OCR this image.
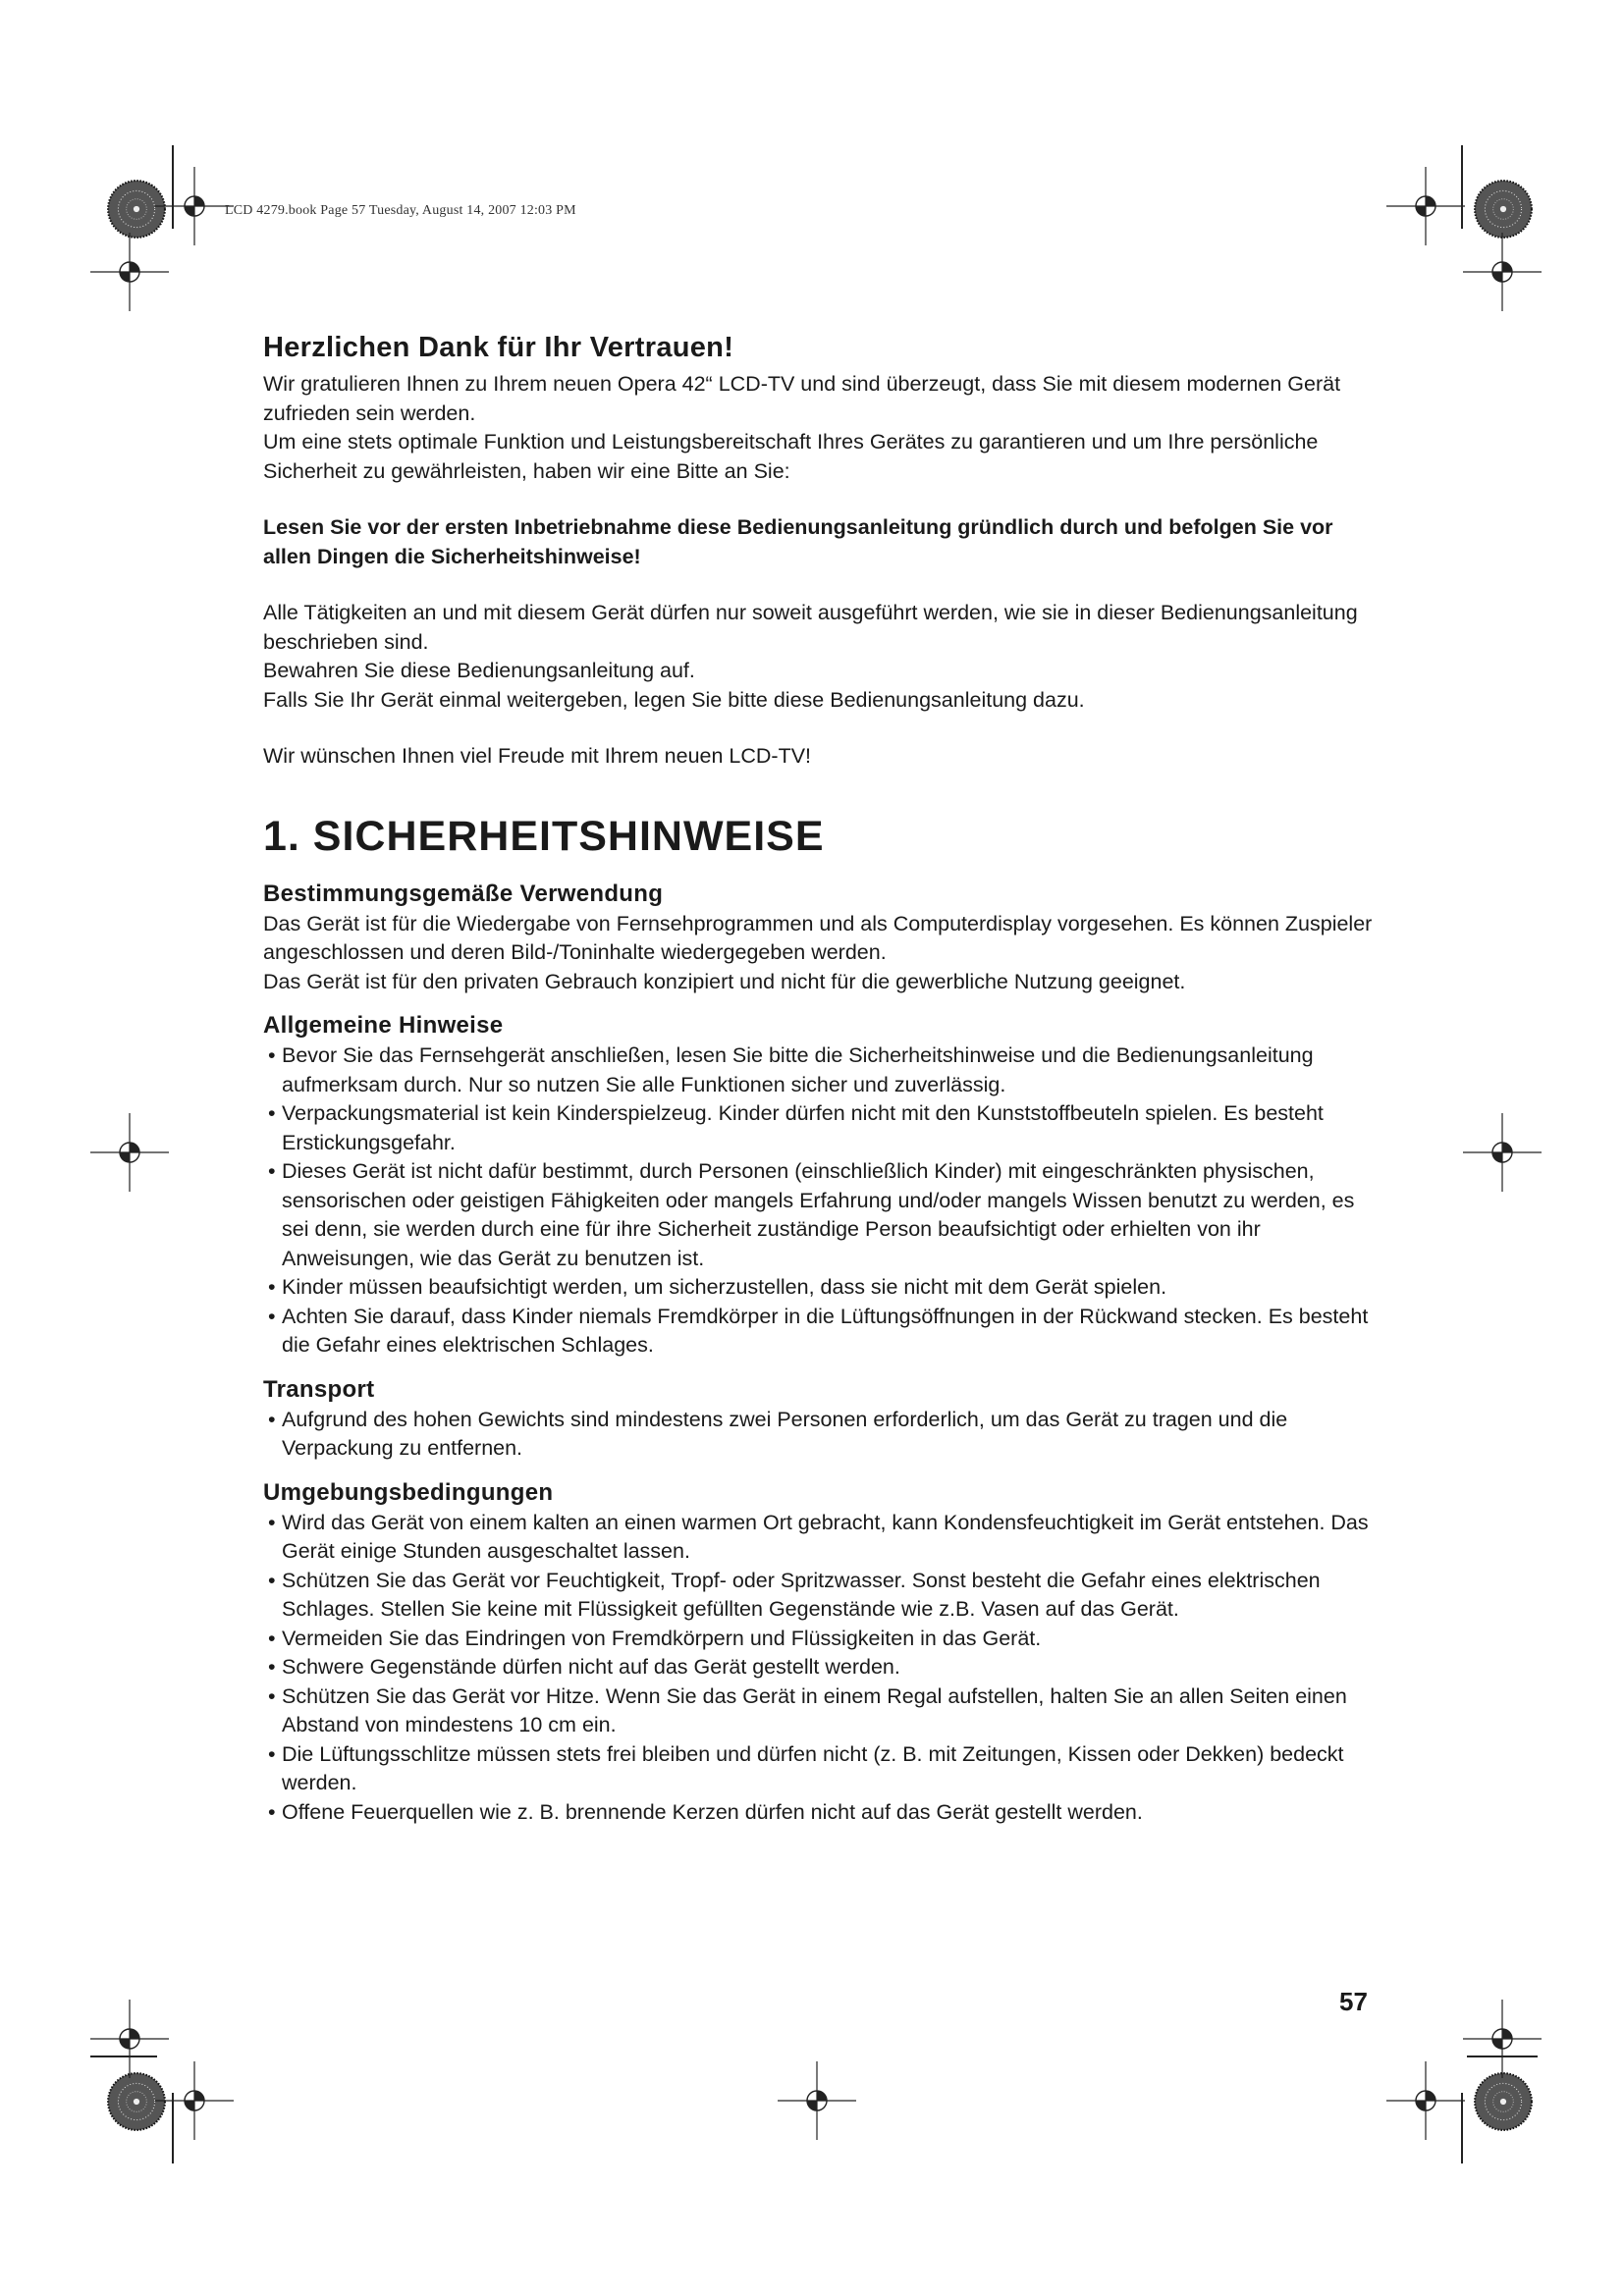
LCD 4279.book Page 57 Tuesday, August 14, 2007 12:03 PM
Herzlichen Dank für Ihr Vertrauen!

Wir gratulieren Ihnen zu Ihrem neuen Opera 42“ LCD-TV und sind überzeugt, dass Sie mit diesem modernen Gerät zufrieden sein werden.

Um eine stets optimale Funktion und Leistungsbereitschaft Ihres Gerätes zu garantieren und um Ihre persönliche Sicherheit zu gewährleisten, haben wir eine Bitte an Sie:

Lesen Sie vor der ersten Inbetriebnahme diese Bedienungsanleitung gründlich durch und befolgen Sie vor allen Dingen die Sicherheitshinweise!

Alle Tätigkeiten an und mit diesem Gerät dürfen nur soweit ausgeführt werden, wie sie in dieser Bedienungsanleitung beschrieben sind.

Bewahren Sie diese Bedienungsanleitung auf.

Falls Sie Ihr Gerät einmal weitergeben, legen Sie bitte diese Bedienungsanleitung dazu.

Wir wünschen Ihnen viel Freude mit Ihrem neuen LCD-TV!

1. SICHERHEITSHINWEISE
Bestimmungsgemäße Verwendung

Das Gerät ist für die Wiedergabe von Fernsehprogrammen und als Computerdisplay vorgesehen. Es können Zuspieler angeschlossen und deren Bild-/Toninhalte wiedergegeben werden.

Das Gerät ist für den privaten Gebrauch konzipiert und nicht für die gewerbliche Nutzung geeignet.

Allgemeine Hinweise
• Bevor Sie das Fernsehgerät anschließen, lesen Sie bitte die Sicherheitshinweise und die Bedienungsanleitung aufmerksam durch. Nur so nutzen Sie alle Funktionen sicher und zuverlässig.
• Verpackungsmaterial ist kein Kinderspielzeug. Kinder dürfen nicht mit den Kunststoffbeuteln spielen. Es besteht Erstickungsgefahr.
• Dieses Gerät ist nicht dafür bestimmt, durch Personen (einschließlich Kinder) mit eingeschränkten physischen, sensorischen oder geistigen Fähigkeiten oder mangels Erfahrung und/oder mangels Wissen benutzt zu werden, es sei denn, sie werden durch eine für ihre Sicherheit zuständige Person beaufsichtigt oder erhielten von ihr Anweisungen, wie das Gerät zu benutzen ist.
• Kinder müssen beaufsichtigt werden, um sicherzustellen, dass sie nicht mit dem Gerät spielen.
• Achten Sie darauf, dass Kinder niemals Fremdkörper in die Lüftungsöffnungen in der Rückwand stecken. Es besteht die Gefahr eines elektrischen Schlages.
Transport
• Aufgrund des hohen Gewichts sind mindestens zwei Personen erforderlich, um das Gerät zu tragen und die Verpackung zu entfernen.
Umgebungsbedingungen
• Wird das Gerät von einem kalten an einen warmen Ort gebracht, kann Kondensfeuchtigkeit im Gerät entstehen. Das Gerät einige Stunden ausgeschaltet lassen.
• Schützen Sie das Gerät vor Feuchtigkeit, Tropf- oder Spritzwasser. Sonst besteht die Gefahr eines elektrischen Schlages. Stellen Sie keine mit Flüssigkeit gefüllten Gegenstände wie z.B. Vasen auf das Gerät.
• Vermeiden Sie das Eindringen von Fremdkörpern und Flüssigkeiten in das Gerät.
• Schwere Gegenstände dürfen nicht auf das Gerät gestellt werden.
• Schützen Sie das Gerät vor Hitze. Wenn Sie das Gerät in einem Regal aufstellen, halten Sie an allen Seiten einen Abstand von mindestens 10 cm ein.
• Die Lüftungsschlitze müssen stets frei bleiben und dürfen nicht (z. B. mit Zeitungen, Kissen oder Dekken) bedeckt werden.
• Offene Feuerquellen wie z. B. brennende Kerzen dürfen nicht auf das Gerät gestellt werden.
57
